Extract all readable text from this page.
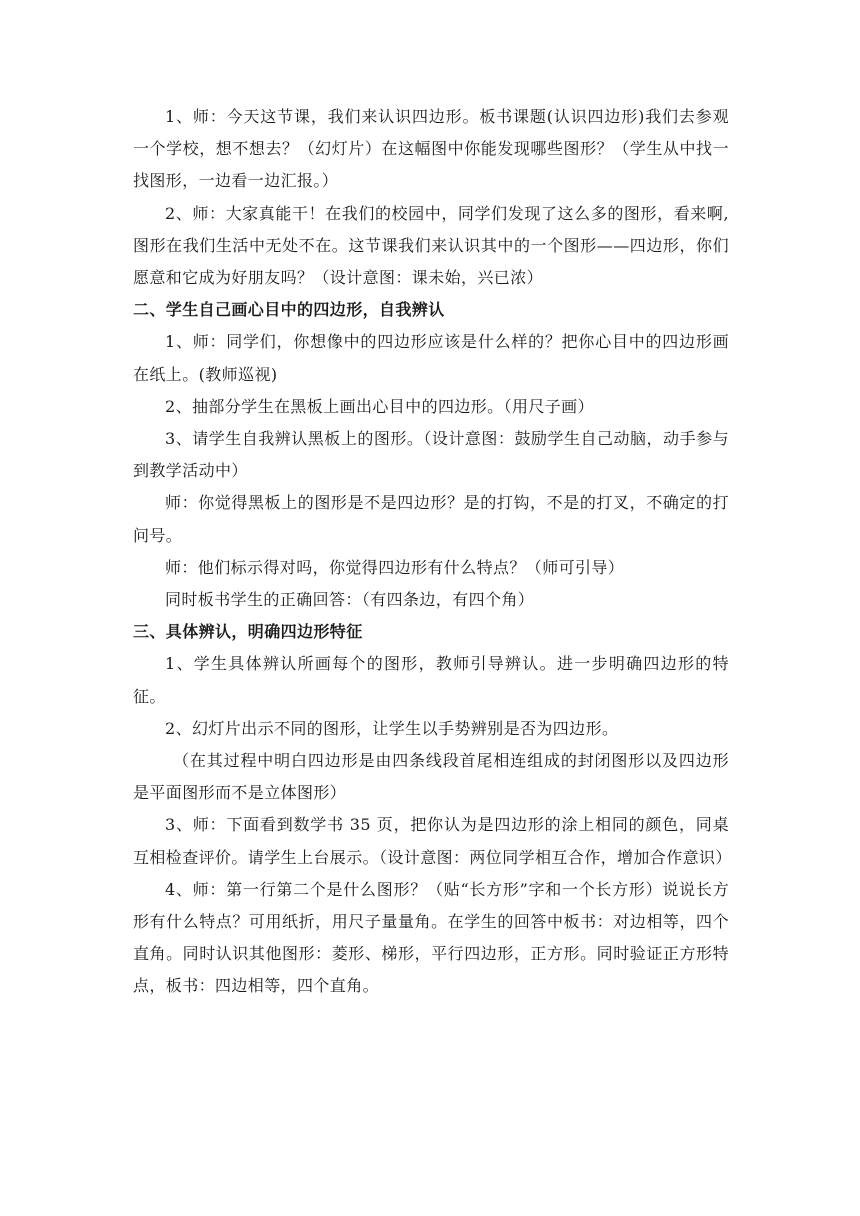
1、师：今天这节课，我们来认识四边形。板书课题(认识四边形)我们去参观一个学校，想不想去？（幻灯片）在这幅图中你能发现哪些图形？（学生从中找一找图形，一边看一边汇报。）

2、师：大家真能干！在我们的校园中，同学们发现了这么多的图形，看来啊,图形在我们生活中无处不在。这节课我们来认识其中的一个图形——四边形，你们愿意和它成为好朋友吗？（设计意图：课未始，兴已浓）

二、学生自己画心目中的四边形，自我辨认

1、师：同学们，你想像中的四边形应该是什么样的？把你心目中的四边形画在纸上。(教师巡视)

2、抽部分学生在黑板上画出心目中的四边形。（用尺子画）

3、请学生自我辨认黑板上的图形。（设计意图：鼓励学生自己动脑，动手参与到教学活动中）

师：你觉得黑板上的图形是不是四边形？是的打钩，不是的打叉，不确定的打问号。

师：他们标示得对吗，你觉得四边形有什么特点？（师可引导）

同时板书学生的正确回答：（有四条边，有四个角）

三、具体辨认，明确四边形特征

1、学生具体辨认所画每个的图形，教师引导辨认。进一步明确四边形的特征。

2、幻灯片出示不同的图形，让学生以手势辨别是否为四边形。

（在其过程中明白四边形是由四条线段首尾相连组成的封闭图形以及四边形是平面图形而不是立体图形）

3、师：下面看到数学书 35 页，把你认为是四边形的涂上相同的颜色，同桌互相检查评价。请学生上台展示。（设计意图：两位同学相互合作，增加合作意识）

4、师：第一行第二个是什么图形？（贴“长方形”字和一个长方形）说说长方形有什么特点？可用纸折，用尺子量量角。在学生的回答中板书：对边相等，四个直角。同时认识其他图形：菱形、梯形，平行四边形，正方形。同时验证正方形特点，板书：四边相等，四个直角。
